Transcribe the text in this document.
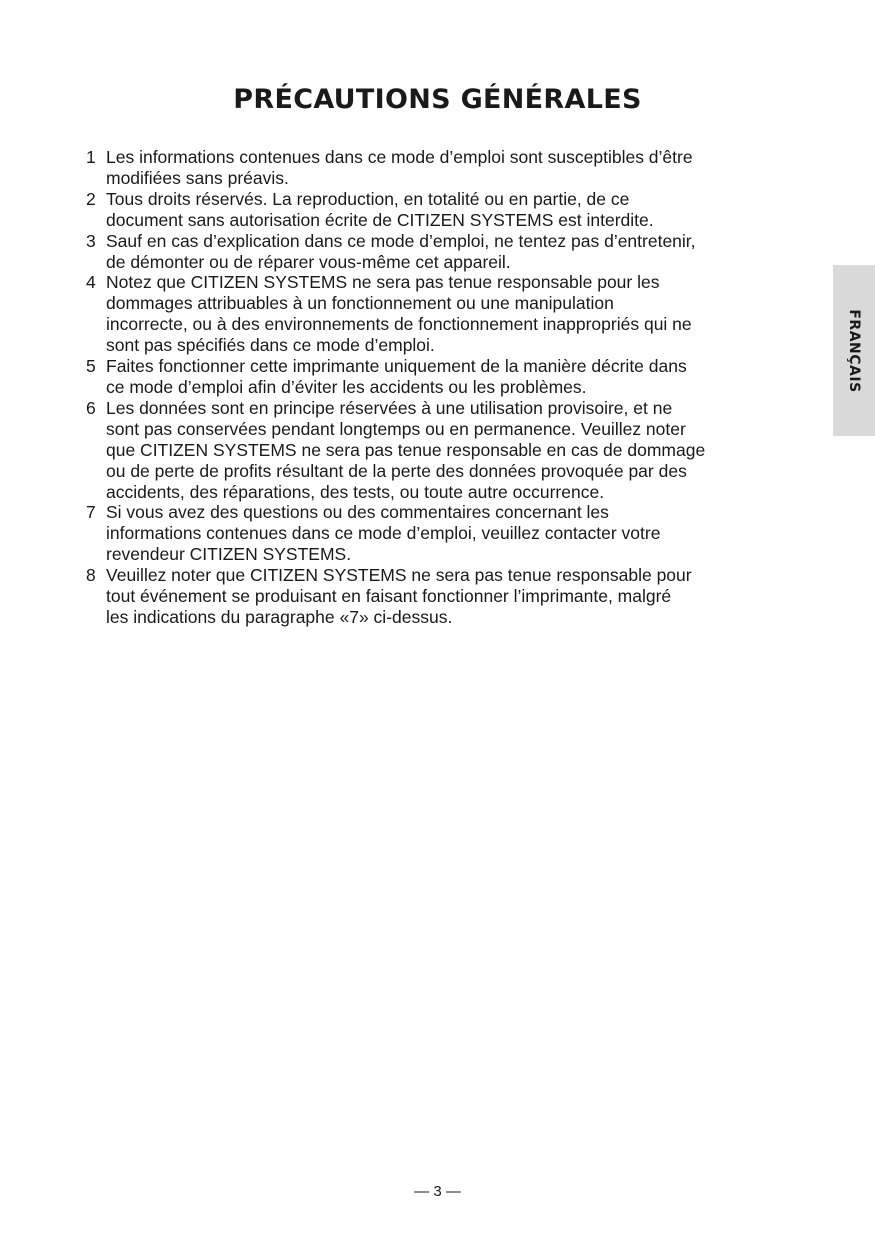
PRÉCAUTIONS GÉNÉRALES
1 Les informations contenues dans ce mode d’emploi sont susceptibles d’être
modifiées sans préavis.
2 Tous droits réservés. La reproduction, en totalité ou en partie, de ce
document sans autorisation écrite de CITIZEN SYSTEMS est interdite.
3 Sauf en cas d’explication dans ce mode d’emploi, ne tentez pas d’entretenir,
de démonter ou de réparer vous-même cet appareil.
4 Notez que CITIZEN SYSTEMS ne sera pas tenue responsable pour les
dommages attribuables à un fonctionnement ou une manipulation
incorrecte, ou à des environnements de fonctionnement inappropriés qui ne
sont pas spécifiés dans ce mode d’emploi.
5 Faites fonctionner cette imprimante uniquement de la manière décrite dans
ce mode d’emploi afin d’éviter les accidents ou les problèmes.
6 Les données sont en principe réservées à une utilisation provisoire, et ne
sont pas conservées pendant longtemps ou en permanence. Veuillez noter
que CITIZEN SYSTEMS ne sera pas tenue responsable en cas de dommage
ou de perte de profits résultant de la perte des données provoquée par des
accidents, des réparations, des tests, ou toute autre occurrence.
7 Si vous avez des questions ou des commentaires concernant les
informations contenues dans ce mode d’emploi, veuillez contacter votre
revendeur CITIZEN SYSTEMS.
8 Veuillez noter que CITIZEN SYSTEMS ne sera pas tenue responsable pour
tout événement se produisant en faisant fonctionner l’imprimante, malgré
les indications du paragraphe «7» ci-dessus.
FRANÇAIS
— 3 —
